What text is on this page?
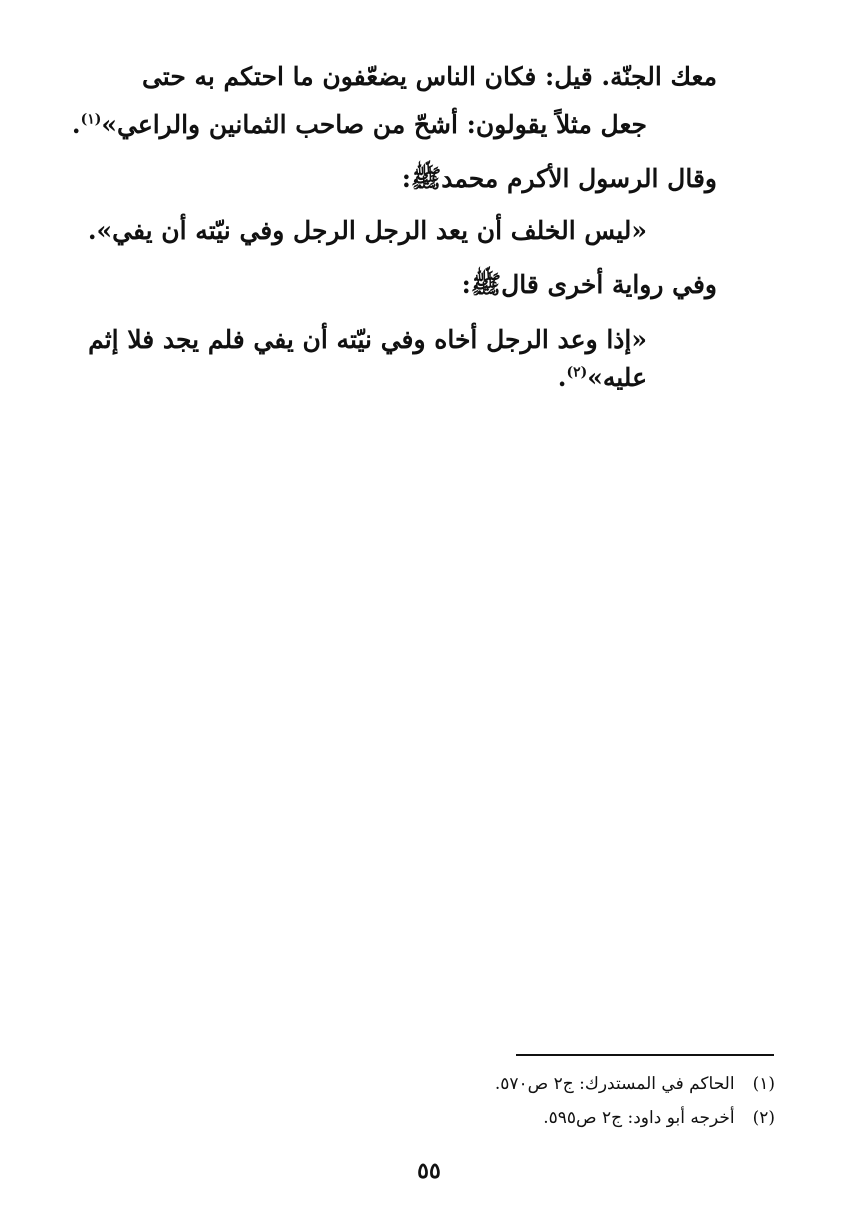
معك الجنّة. قيل: فكان الناس يضعّفون ما احتكم به حتى
جعل مثلاً يقولون: أشحّ من صاحب الثمانين والراعي»$^{(١)}$.
وقال الرسول الأكرم محمدﷺ:
«ليس الخلف أن يعد الرجل الرجل وفي نيّته أن يفي».
وفي رواية أخرى قالﷺ:
«إذا وعد الرجل أخاه وفي نيّته أن يفي فلم يجد فلا إثم
عليه»$^{(٢)}$.
(١)الحاكم في المستدرك: ج٢ ص٥٧٠.
(٢)أخرجه أبو داود: ج٢ ص٥٩٥.
٥٥
